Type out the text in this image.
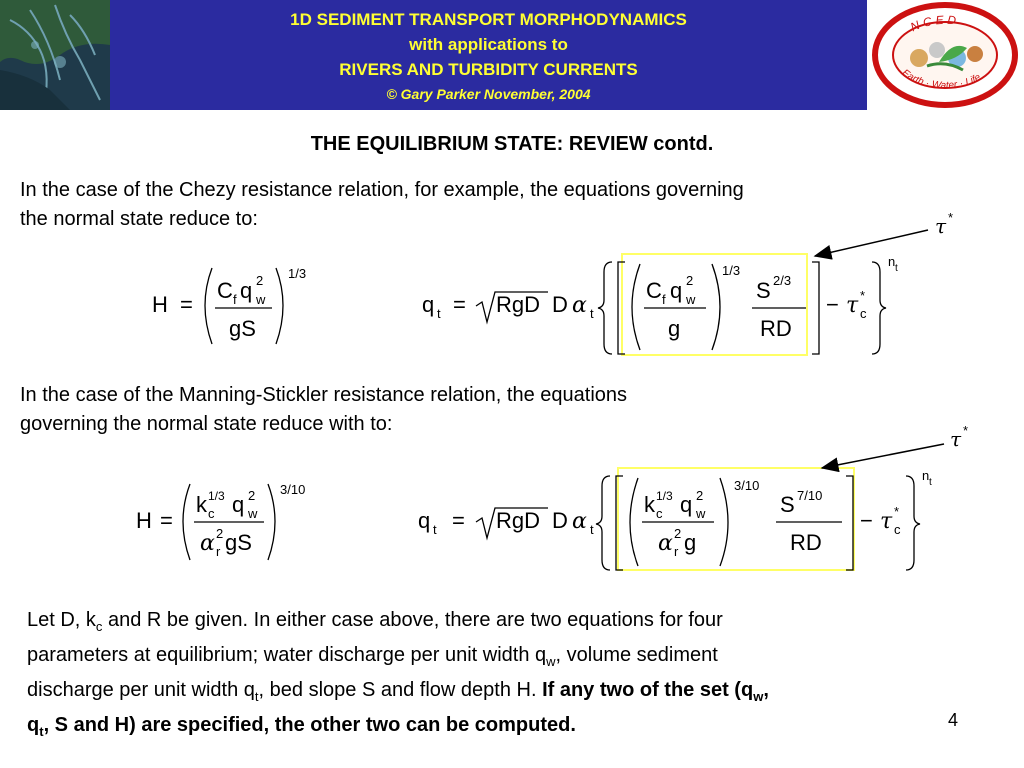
1D SEDIMENT TRANSPORT MORPHODYNAMICS
with applications to
RIVERS AND TURBIDITY CURRENTS
© Gary Parker November, 2004
N C E D
Earth · Water · Life
THE EQUILIBRIUM STATE: REVIEW contd.
In the case of the Chezy resistance relation, for example, the equations governing
the normal state reduce to:
In the case of the Manning-Stickler resistance relation, the equations
governing the normal state reduce with to:
H =
C f q 2
w
gS
1/3
q t = RgD D α t
C f q 2
w
g
1/3
S 2/3
RD
− τ *
c
n t
τ *
H =
k c
1/3 q 2
w
α 2
r gS
3/10
q t = RgD D α t
k c
1/3 q 2
w
α 2
r g
3/10
S 7/10
RD
− τ *
c
n t
τ *
Let D, $k_c$ and R be given. In either case above, there are two equations for four
parameters at equilibrium; water discharge per unit width $q_w$, volume sediment
discharge per unit width $q_t$, bed slope S and flow depth H. If any two of the set ($q_w$,
$q_t$, S and H) are specified, the other two can be computed.	4
